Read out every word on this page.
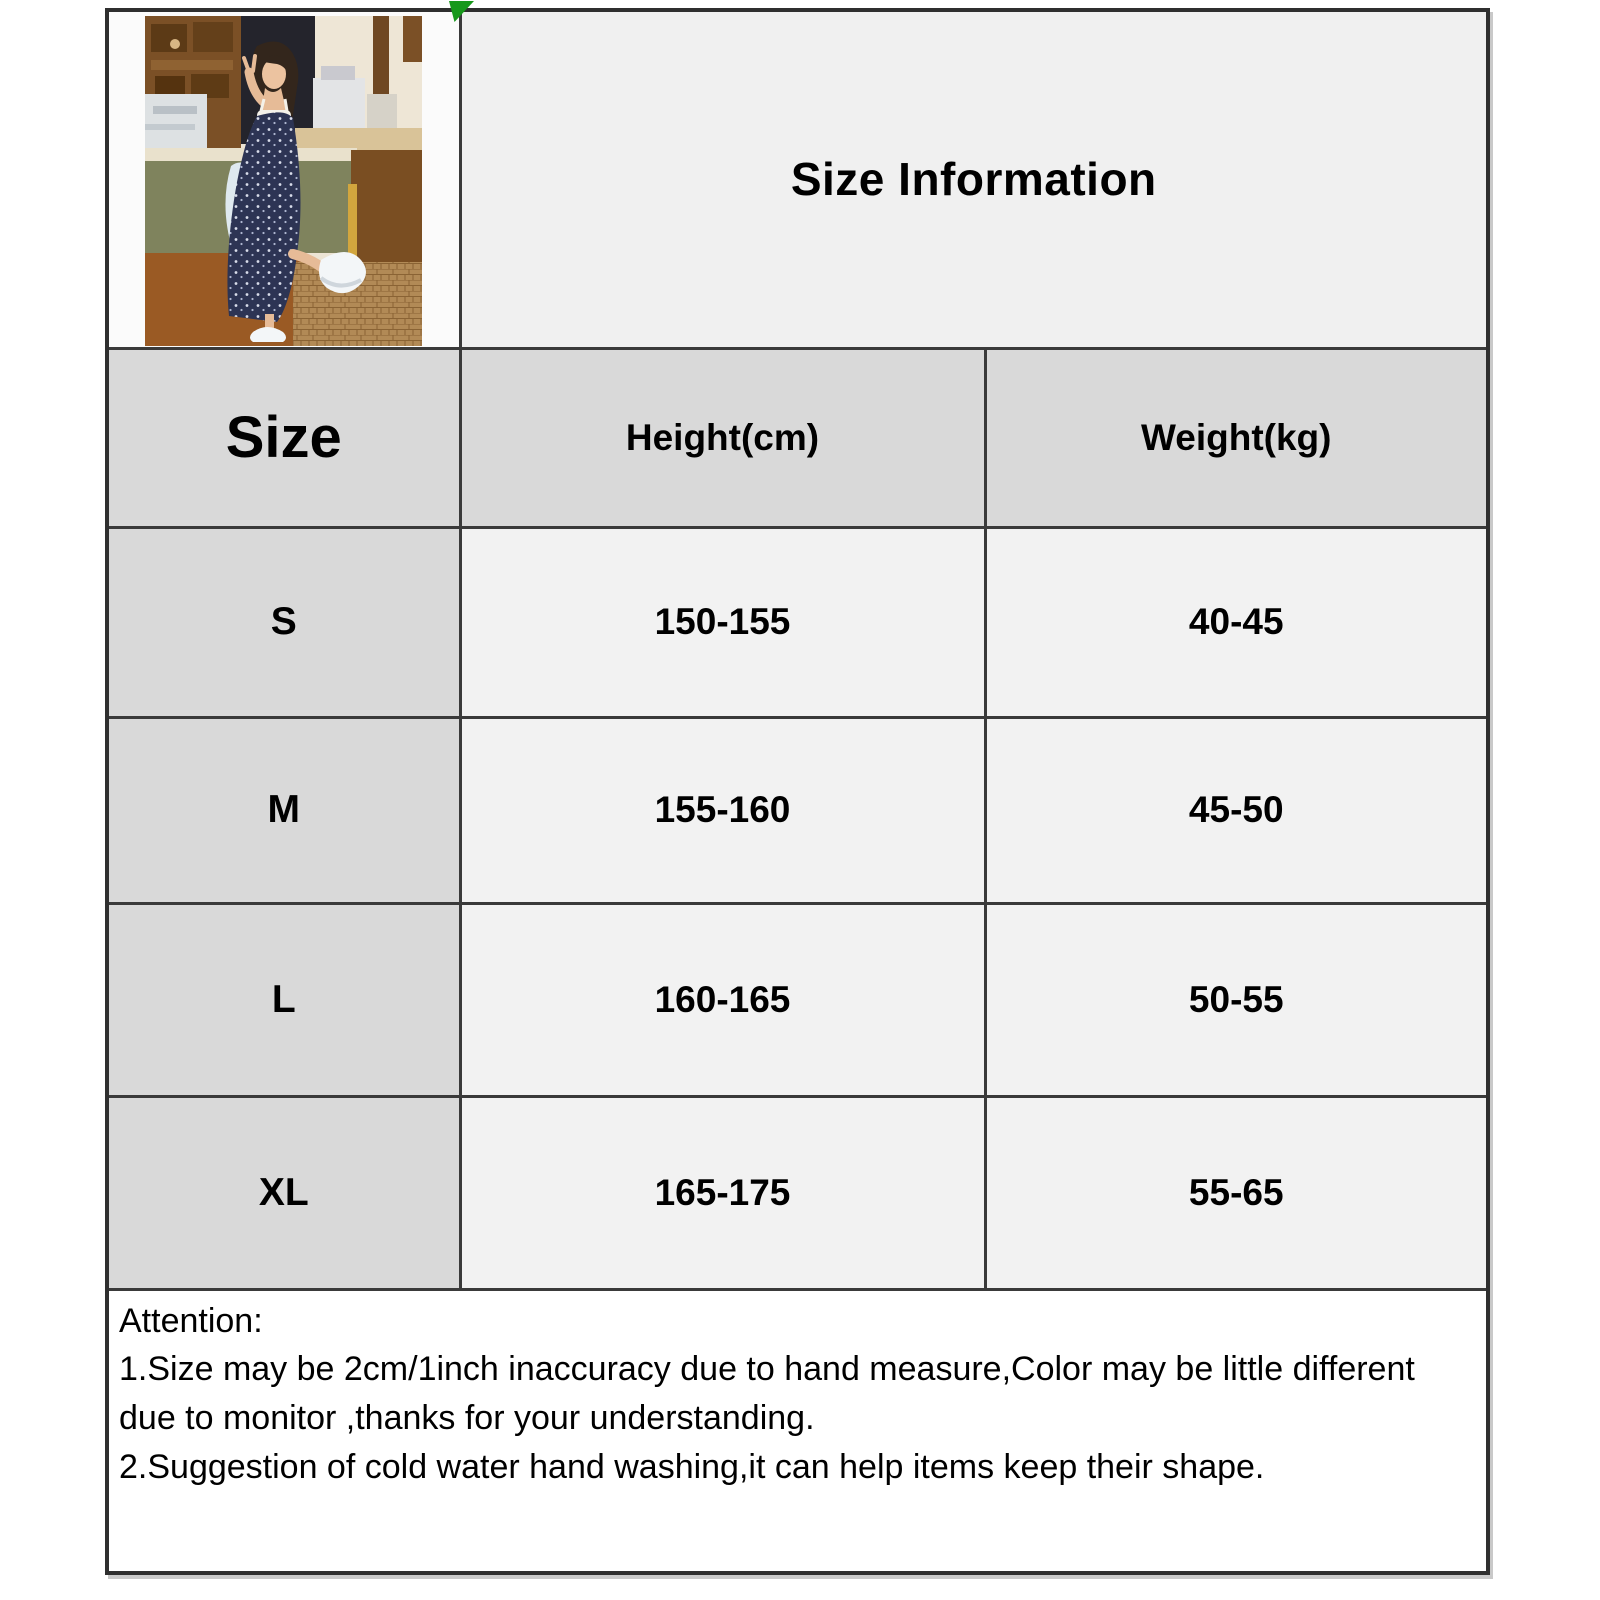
	Size Information	
Size	Height(cm)	Weight(kg)
S	150-155	40-45
M	155-160	45-50
L	160-165	50-55
XL	165-175	55-65

Attention:

1.Size may be 2cm/1inch inaccuracy due to hand measure,Color may be little different due to monitor ,thanks for your understanding.

2.Suggestion of cold water hand washing,it can help items keep their shape.		
